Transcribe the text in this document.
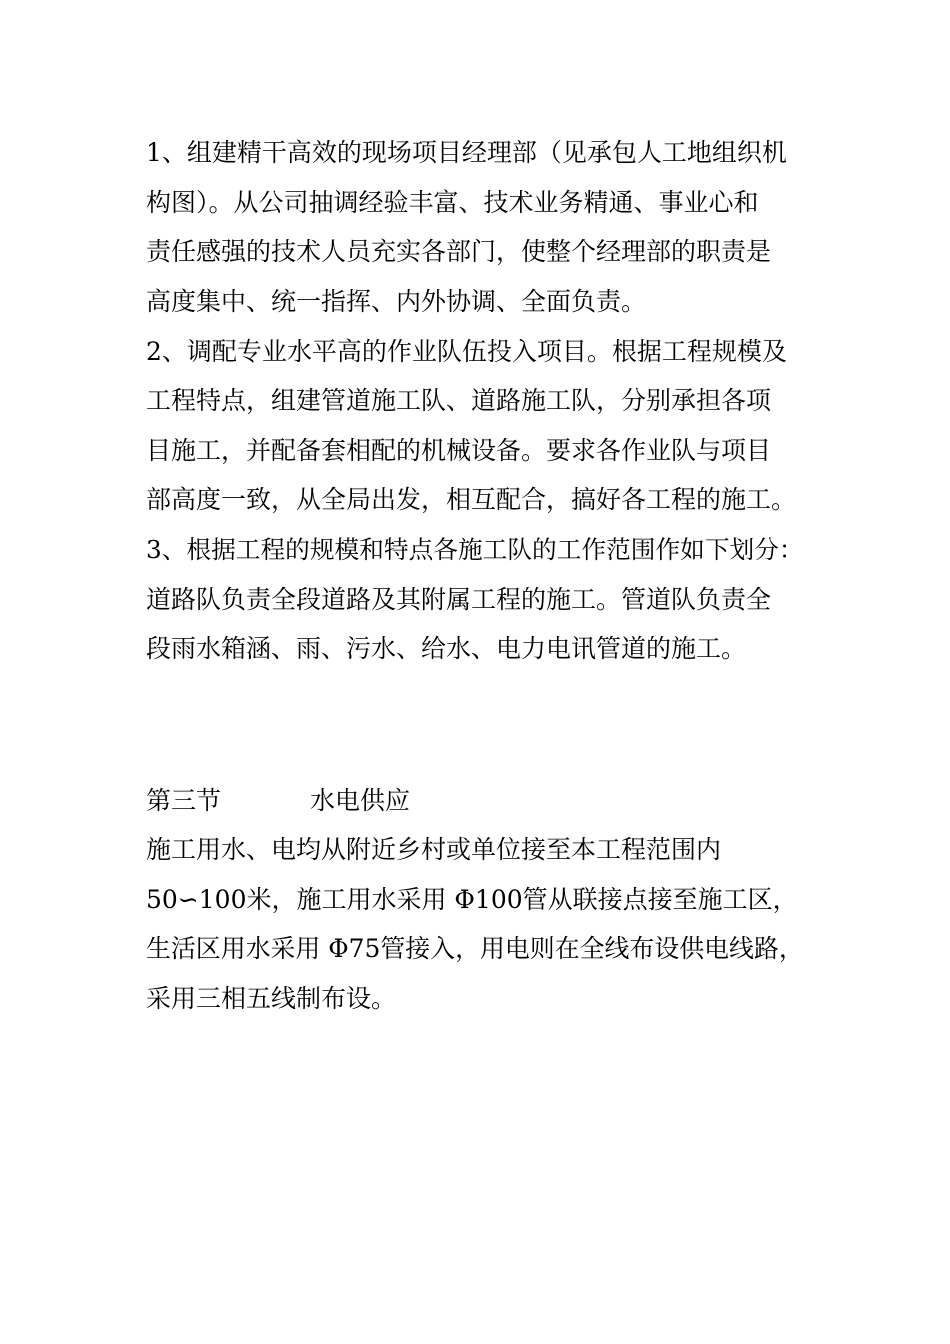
1、组建精干高效的现场项目经理部（见承包人工地组织机
构图）。从公司抽调经验丰富、技术业务精通、事业心和
责任感强的技术人员充实各部门，使整个经理部的职责是
高度集中、统一指挥、内外协调、全面负责。
2、调配专业水平高的作业队伍投入项目。根据工程规模及
工程特点，组建管道施工队、道路施工队，分别承担各项
目施工，并配备套相配的机械设备。要求各作业队与项目
部高度一致，从全局出发，相互配合，搞好各工程的施工。
3、根据工程的规模和特点各施工队的工作范围作如下划分：
道路队负责全段道路及其附属工程的施工。管道队负责全
段雨水箱涵、雨、污水、给水、电力电讯管道的施工。
第三节	水电供应
施工用水、电均从附近乡村或单位接至本工程范围内
50∽100米，施工用水采用 Φ100管从联接点接至施工区，
生活区用水采用 Φ75管接入，用电则在全线布设供电线路，
采用三相五线制布设。
